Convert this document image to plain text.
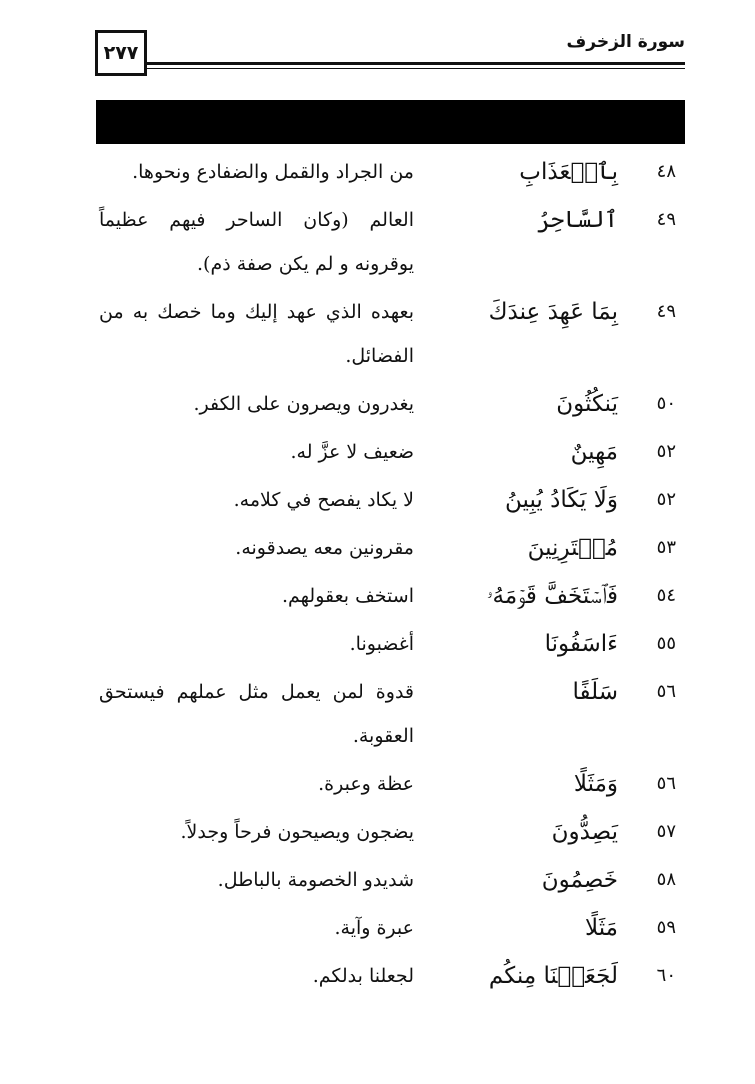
٢٧٧	سورة الزخرف
٤٨
بِٱلۡعَذَابِ
من الجراد والقمل والضفادع ونحوها.
٤٩
ٱلسَّاحِرُ
العالم (وكان الساحر فيهم عظيماً يوقرونه و لم يكن صفة ذم).
٤٩
بِمَا عَهِدَ عِندَكَ
بعهده الذي عهد إليك وما خصك به من الفضائل.
٥٠
يَنكُثُونَ
يغدرون ويصرون على الكفر.
٥٢
مَهِينٌ
ضعيف لا عزَّ له.
٥٢
وَلَا يَكَادُ يُبِينُ
لا يكاد يفصح في كلامه.
٥٣
مُقۡتَرِنِينَ
مقرونين معه يصدقونه.
٥٤
فَٱسۡتَخَفَّ قَوۡمَهُۥ
استخف بعقولهم.
٥٥
ءَاسَفُونَا
أغضبونا.
٥٦
سَلَفًا
قدوة لمن يعمل مثل عملهم فيستحق العقوبة.
٥٦
وَمَثَلًا
عظة وعبرة.
٥٧
يَصِدُّونَ
يضجون ويصيحون فرحاً وجدلاً.
٥٨
خَصِمُونَ
شديدو الخصومة بالباطل.
٥٩
مَثَلًا
عبرة وآية.
٦٠
لَجَعَلۡنَا مِنكُم
لجعلنا بدلكم.
